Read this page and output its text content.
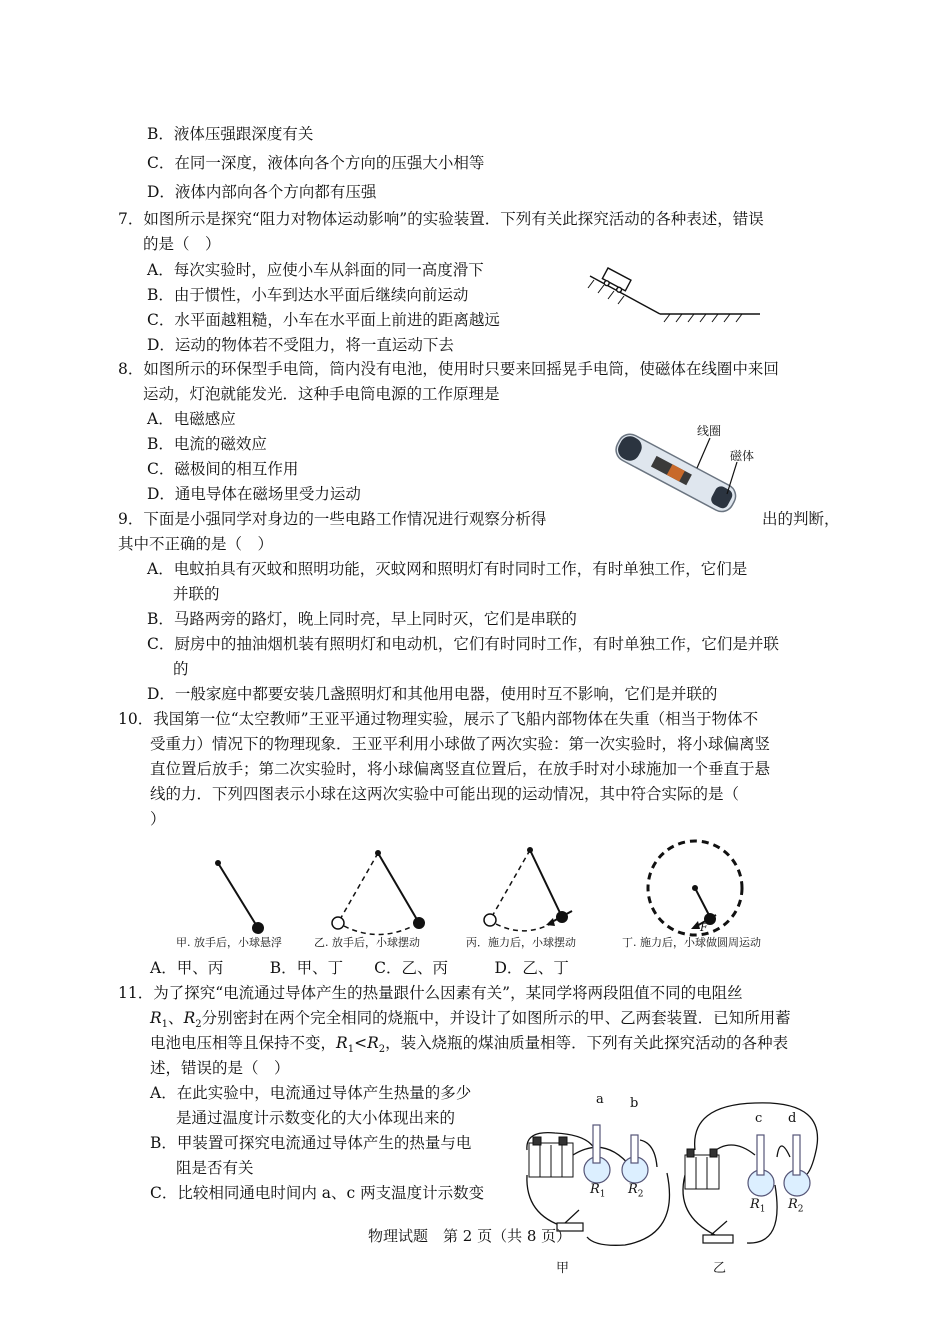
B．液体压强跟深度有关
C．在同一深度，液体向各个方向的压强大小相等
D．液体内部向各个方向都有压强
7．如图所示是探究“阻力对物体运动影响”的实验装置．下列有关此探究活动的各种表述，错误
的是（　）
A．每次实验时，应使小车从斜面的同一高度滑下
B．由于惯性，小车到达水平面后继续向前运动
C．水平面越粗糙，小车在水平面上前进的距离越远
D．运动的物体若不受阻力，将一直运动下去
8．如图所示的环保型手电筒，筒内没有电池，使用时只要来回摇晃手电筒，使磁体在线圈中来回
运动，灯泡就能发光．这种手电筒电源的工作原理是
A．电磁感应
B．电流的磁效应
C．磁极间的相互作用
D．通电导体在磁场里受力运动
线圈
磁体
9．下面是小强同学对身边的一些电路工作情况进行观察分析得	出的判断，
其中不正确的是（　）
A．电蚊拍具有灭蚊和照明功能，灭蚊网和照明灯有时同时工作，有时单独工作，它们是
并联的
B．马路两旁的路灯，晚上同时亮，早上同时灭，它们是串联的
C．厨房中的抽油烟机装有照明灯和电动机，它们有时同时工作，有时单独工作，它们是并联
的
D．一般家庭中都要安装几盏照明灯和其他用电器，使用时互不影响，它们是并联的
10．我国第一位“太空教师”王亚平通过物理实验，展示了飞船内部物体在失重（相当于物体不
受重力）情况下的物理现象．王亚平利用小球做了两次实验：第一次实验时，将小球偏离竖
直位置后放手；第二次实验时，将小球偏离竖直位置后，在放手时对小球施加一个垂直于悬
线的力．下列四图表示小球在这两次实验中可能出现的运动情况，其中符合实际的是（
）
F
甲. 放手后，小球悬浮	乙. 放手后，小球摆动	丙．施力后，小球摆动	丁. 施力后，小球做圆周运动
A．甲、丙　　　B．甲、丁　　C．乙、丙　　　D．乙、丁
11．为了探究“电流通过导体产生的热量跟什么因素有关”，某同学将两段阻值不同的电阻丝
$R_1$、$R_2$分别密封在两个完全相同的烧瓶中，并设计了如图所示的甲、乙两套装置．已知所用蓄
电池电压相等且保持不变，$R_1<R_2$，装入烧瓶的煤油质量相等．下列有关此探究活动的各种表
述，错误的是（　）
A．在此实验中，电流通过导体产生热量的多少
是通过温度计示数变化的大小体现出来的
B．甲装置可探究电流通过导体产生的热量与电
阻是否有关
C．比较相同通电时间内 a、c 两支温度计示数变
a b
c d
$R_1$ $R_2$
$R_1$ $R_2$
甲	乙
物理试题　第 2 页（共 8 页）
